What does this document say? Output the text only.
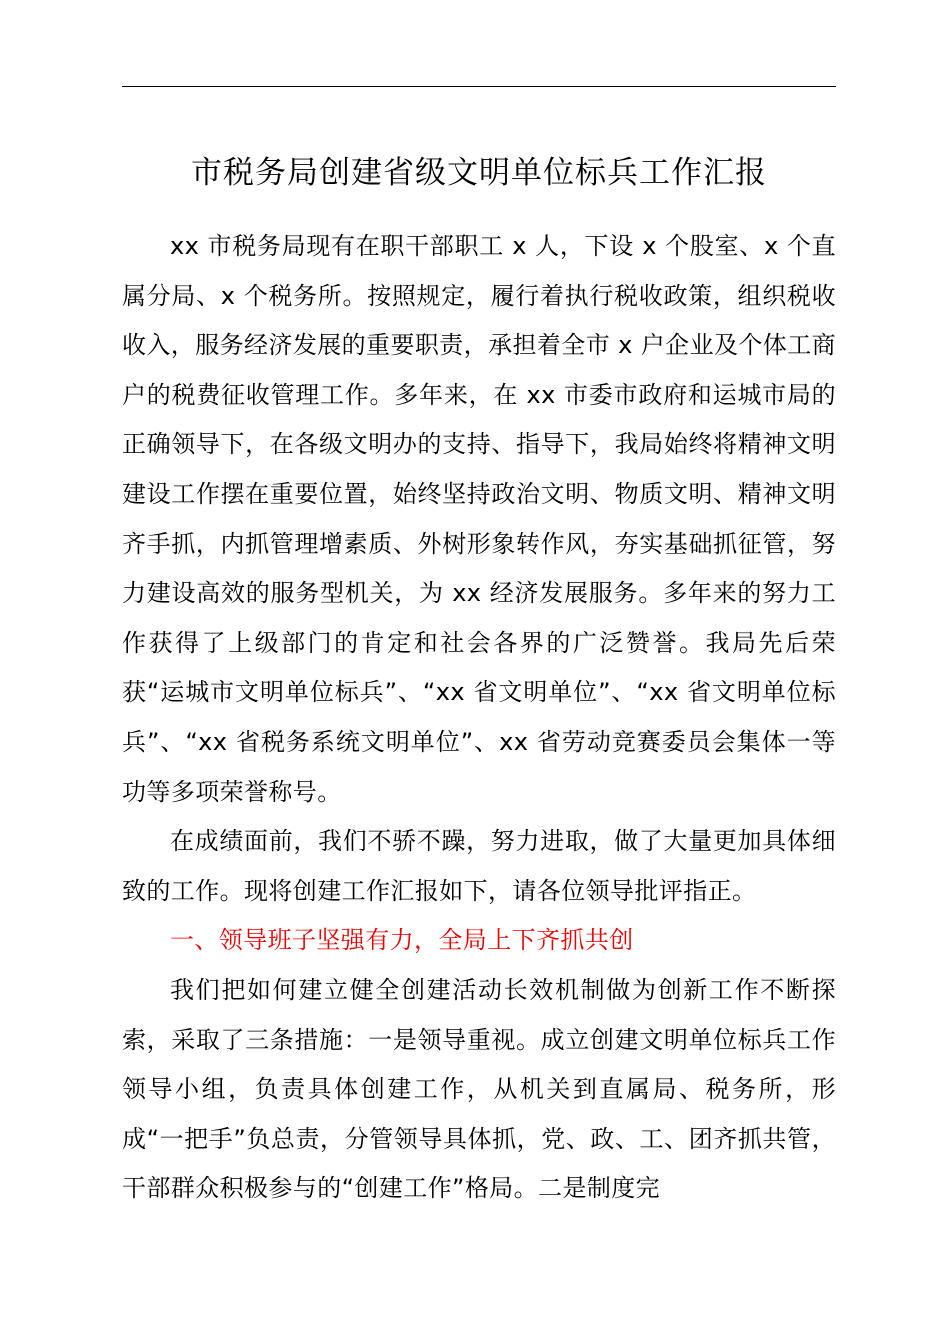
市税务局创建省级文明单位标兵工作汇报

xx 市税务局现有在职干部职工 x 人，下设 x 个股室、x 个直属分局、x 个税务所。按照规定，履行着执行税收政策，组织税收收入，服务经济发展的重要职责，承担着全市 x 户企业及个体工商户的税费征收管理工作。多年来，在 xx 市委市政府和运城市局的正确领导下，在各级文明办的支持、指导下，我局始终将精神文明建设工作摆在重要位置，始终坚持政治文明、物质文明、精神文明齐手抓，内抓管理增素质、外树形象转作风，夯实基础抓征管，努力建设高效的服务型机关，为 xx 经济发展服务。多年来的努力工作获得了上级部门的肯定和社会各界的广泛赞誉。我局先后荣获“运城市文明单位标兵”、“xx 省文明单位”、“xx 省文明单位标兵”、“xx 省税务系统文明单位”、xx 省劳动竞赛委员会集体一等功等多项荣誉称号。

在成绩面前，我们不骄不躁，努力进取，做了大量更加具体细致的工作。现将创建工作汇报如下，请各位领导批评指正。

一、领导班子坚强有力，全局上下齐抓共创

我们把如何建立健全创建活动长效机制做为创新工作不断探索，采取了三条措施：一是领导重视。成立创建文明单位标兵工作领导小组，负责具体创建工作，从机关到直属局、税务所，形成“一把手”负总责，分管领导具体抓，党、政、工、团齐抓共管，干部群众积极参与的“创建工作”格局。二是制度完
